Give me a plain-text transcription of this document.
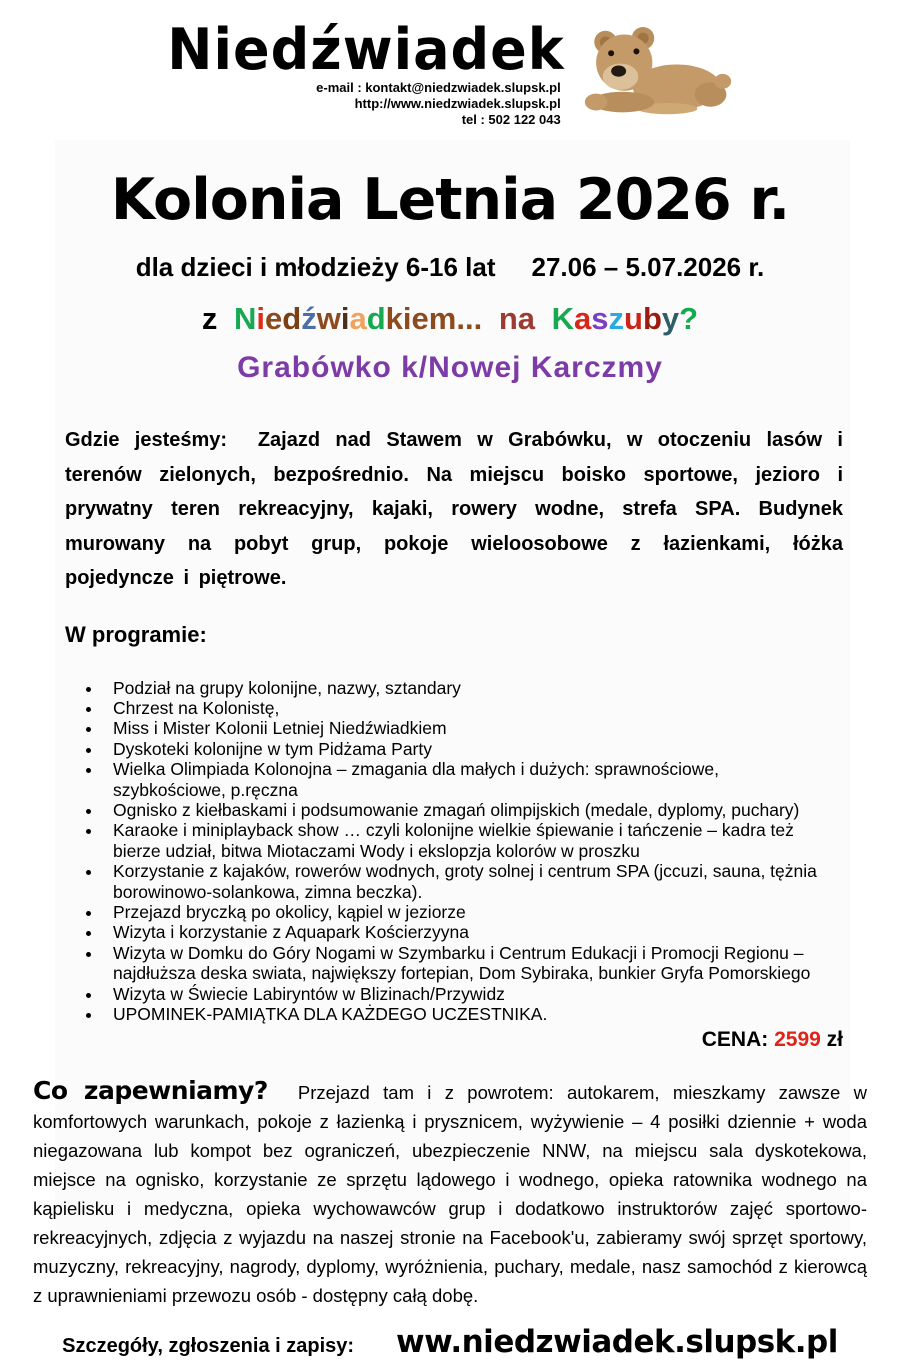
Niedźwiadek
e-mail : kontakt@niedzwiadek.slupsk.pl
http://www.niedzwiadek.slupsk.pl
tel : 502 122 043
Kolonia Letnia 2026 r.
dla dzieci i młodzieży 6-16 lat 27.06 – 5.07.2026 r.
z Niedźwiadkiem... na Kaszuby?
Grabówko k/Nowej Karczmy

Gdzie jesteśmy: Zajazd nad Stawem w Grabówku, w otoczeniu lasów i terenów zielonych, bezpośrednio. Na miejscu boisko sportowe, jezioro i prywatny teren rekreacyjny, kajaki, rowery wodne, strefa SPA. Budynek murowany na pobyt grup, pokoje wieloosobowe z łazienkami, łóżka pojedyncze i piętrowe.

W programie:
• Podział na grupy kolonijne, nazwy, sztandary
• Chrzest na Kolonistę,
• Miss i Mister Kolonii Letniej Niedźwiadkiem
• Dyskoteki kolonijne w tym Pidżama Party
• Wielka Olimpiada Kolonojna – zmagania dla małych i dużych: sprawnościowe, szybkościowe, p.ręczna
• Ognisko z kiełbaskami i podsumowanie zmagań olimpijskich (medale, dyplomy, puchary)
• Karaoke i miniplayback show … czyli kolonijne wielkie śpiewanie i tańczenie – kadra też bierze udział, bitwa Miotaczami Wody i ekslopzja kolorów w proszku
• Korzystanie z kajaków, rowerów wodnych, groty solnej i centrum SPA (jccuzi, sauna, tężnia borowinowo-solankowa, zimna beczka).
• Przejazd bryczką po okolicy, kąpiel w jeziorze
• Wizyta i korzystanie z Aquapark Kościerzyyna
• Wizyta w Domku do Góry Nogami w Szymbarku i Centrum Edukacji i Promocji Regionu – najdłuższa deska swiata, największy fortepian, Dom Sybiraka, bunkier Gryfa Pomorskiego
• Wizyta w Świecie Labiryntów w Blizinach/Przywidz
• UPOMINEK-PAMIĄTKA DLA KAŻDEGO UCZESTNIKA.
CENA: 2599 zł

Co zapewniamy? Przejazd tam i z powrotem: autokarem, mieszkamy zawsze w komfortowych warunkach, pokoje z łazienką i prysznicem, wyżywienie – 4 posiłki dziennie + woda niegazowana lub kompot bez ograniczeń, ubezpieczenie NNW, na miejscu sala dyskotekowa, miejsce na ognisko, korzystanie ze sprzętu lądowego i wodnego, opieka ratownika wodnego na kąpielisku i medyczna, opieka wychowawców grup i dodatkowo instruktorów zajęć sportowo-rekreacyjnych, zdjęcia z wyjazdu na naszej stronie na Facebook'u, zabieramy swój sprzęt sportowy, muzyczny, rekreacyjny, nagrody, dyplomy, wyróżnienia, puchary, medale, nasz samochód z kierowcą z uprawnieniami przewozu osób - dostępny całą dobę.

Szczegóły, zgłoszenia i zapisy: ww.niedzwiadek.slupsk.pl
